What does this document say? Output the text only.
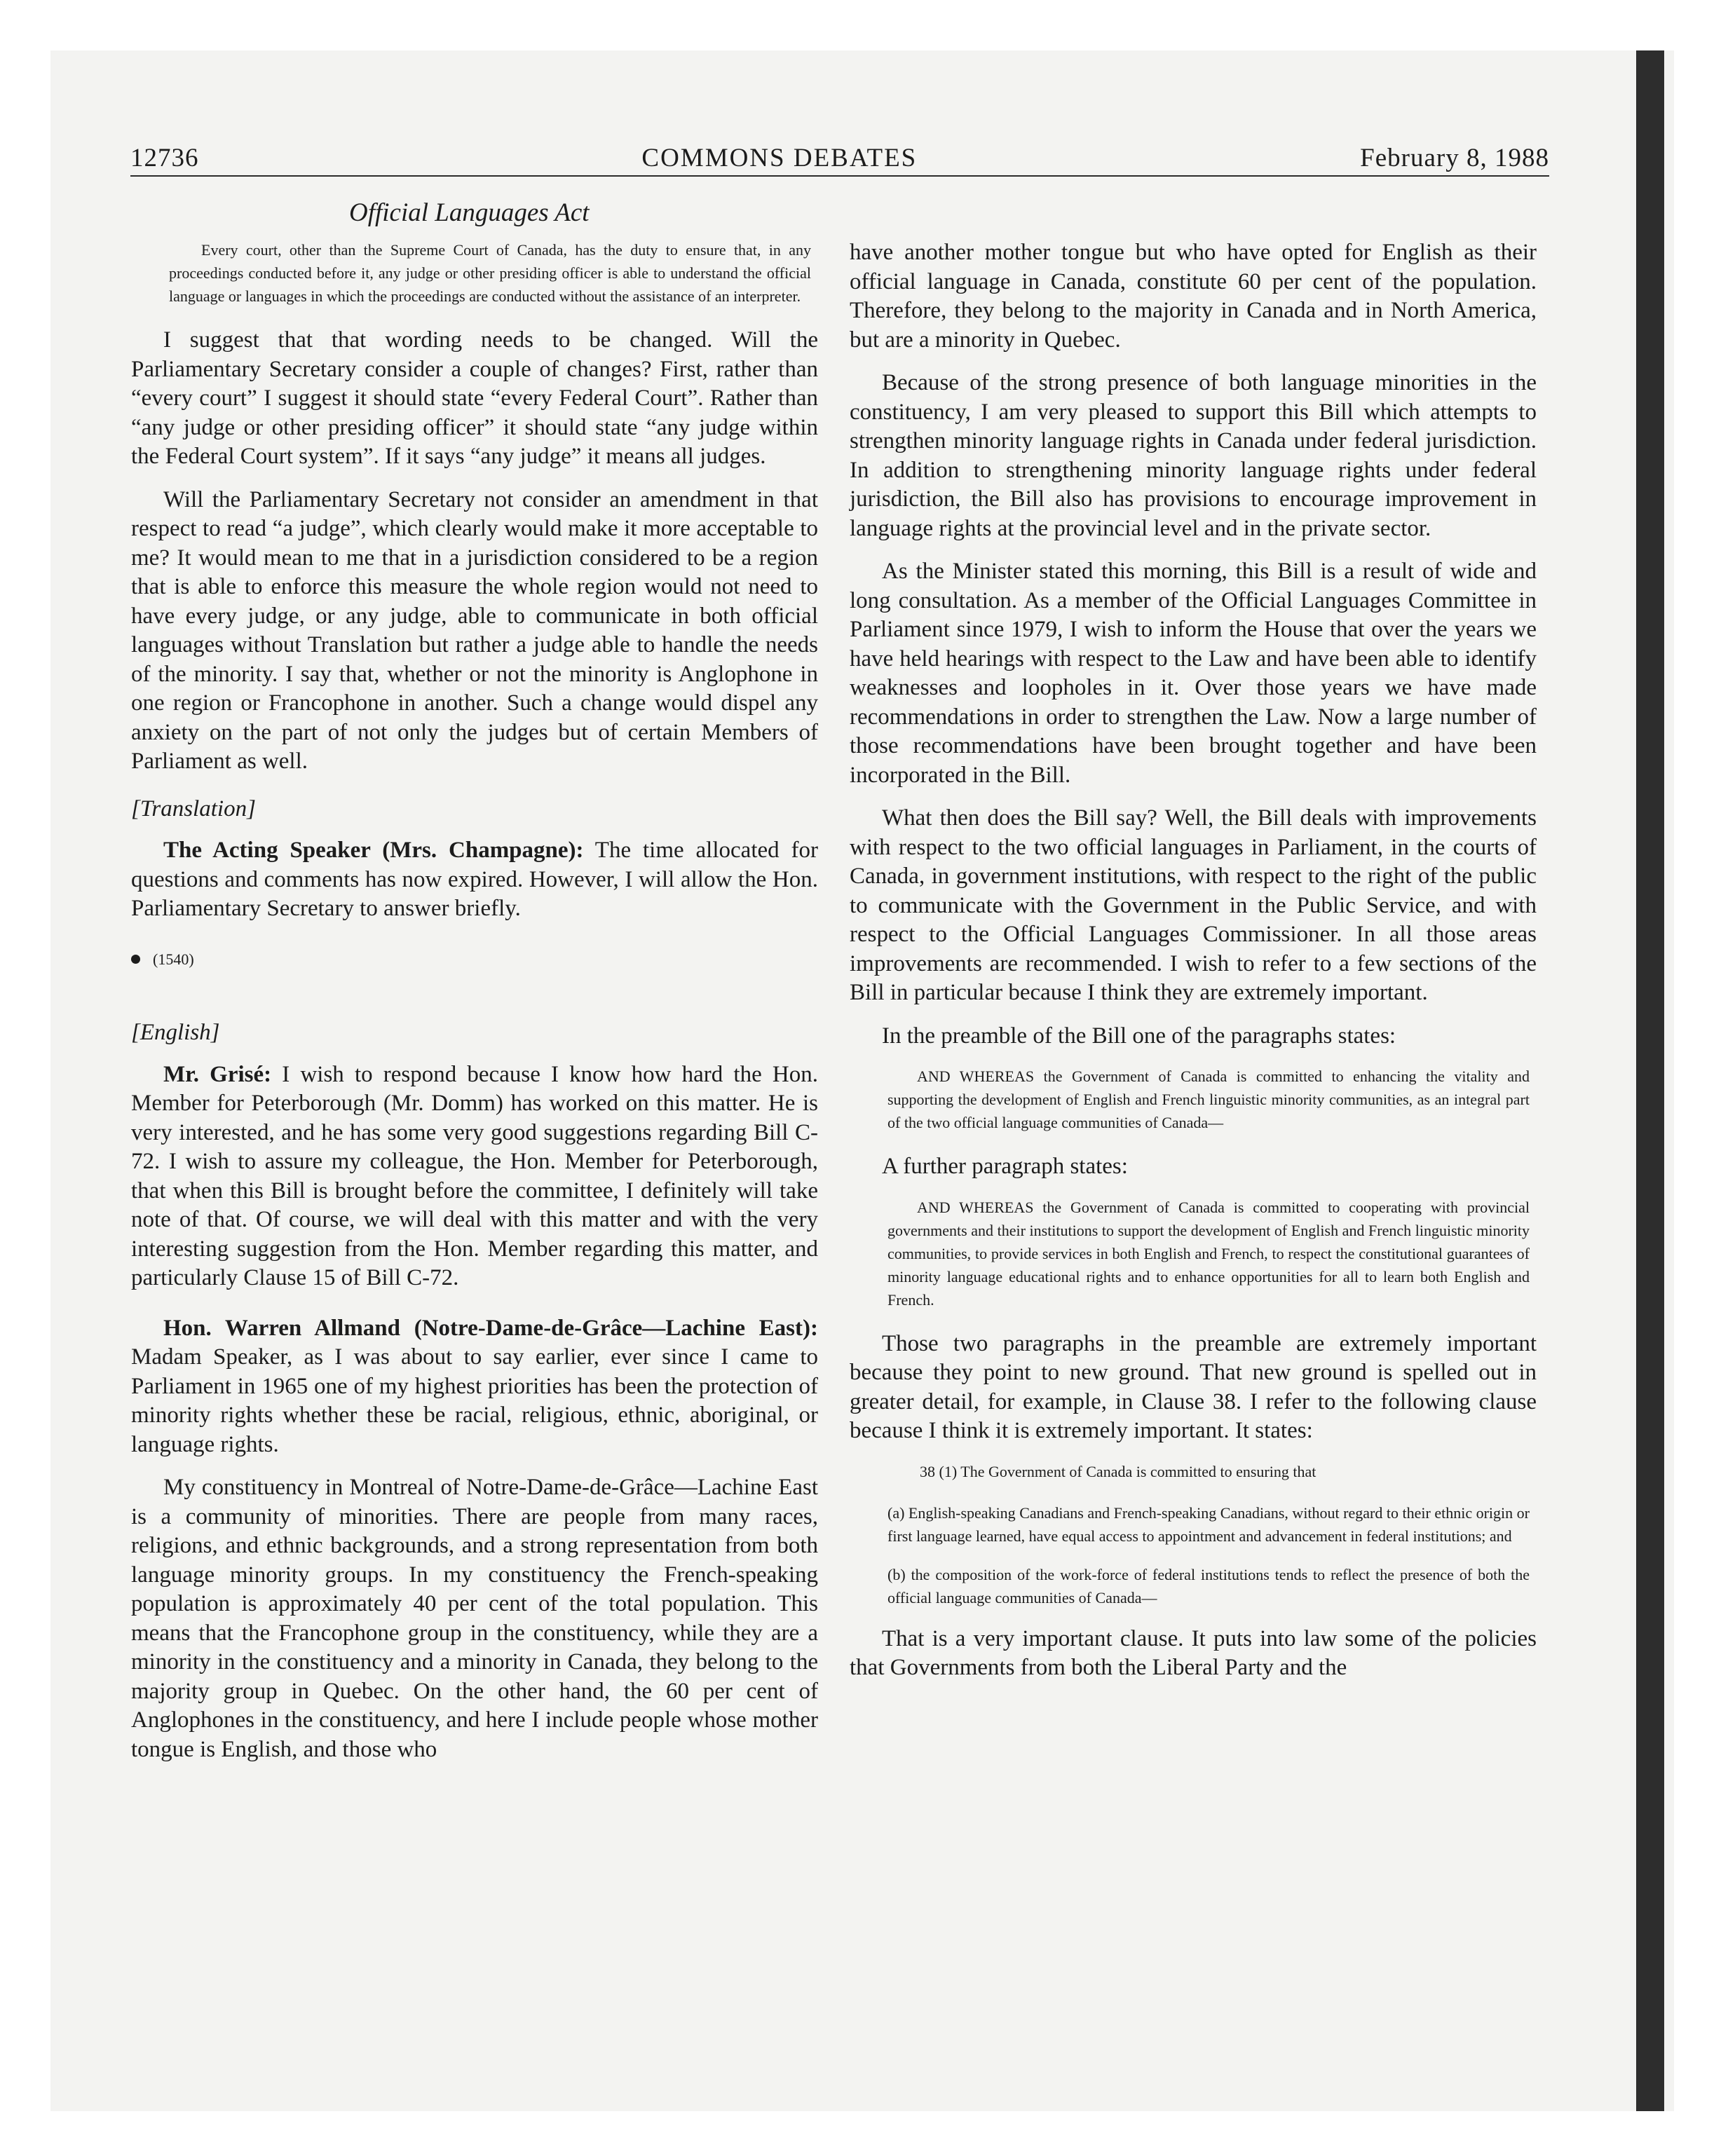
12736	COMMONS DEBATES	February 8, 1988
Official Languages Act
Every court, other than the Supreme Court of Canada, has the duty to ensure that, in any proceedings conducted before it, any judge or other presiding officer is able to understand the official language or languages in which the proceedings are conducted without the assistance of an interpreter.

I suggest that that wording needs to be changed. Will the Parliamentary Secretary consider a couple of changes? First, rather than “every court” I suggest it should state “every Federal Court”. Rather than “any judge or other presiding officer” it should state “any judge within the Federal Court system”. If it says “any judge” it means all judges.

Will the Parliamentary Secretary not consider an amendment in that respect to read “a judge”, which clearly would make it more acceptable to me? It would mean to me that in a jurisdiction considered to be a region that is able to enforce this measure the whole region would not need to have every judge, or any judge, able to communicate in both official languages without Translation but rather a judge able to handle the needs of the minority. I say that, whether or not the minority is Anglophone in one region or Francophone in another. Such a change would dispel any anxiety on the part of not only the judges but of certain Members of Parliament as well.

[Translation]

The Acting Speaker (Mrs. Champagne): The time allocated for questions and comments has now expired. However, I will allow the Hon. Parliamentary Secretary to answer briefly.

(1540)

[English]

Mr. Grisé: I wish to respond because I know how hard the Hon. Member for Peterborough (Mr. Domm) has worked on this matter. He is very interested, and he has some very good suggestions regarding Bill C-72. I wish to assure my colleague, the Hon. Member for Peterborough, that when this Bill is brought before the committee, I definitely will take note of that. Of course, we will deal with this matter and with the very interesting suggestion from the Hon. Member regarding this matter, and particularly Clause 15 of Bill C-72.

Hon. Warren Allmand (Notre-Dame-de-Grâce—Lachine East): Madam Speaker, as I was about to say earlier, ever since I came to Parliament in 1965 one of my highest priorities has been the protection of minority rights whether these be racial, religious, ethnic, aboriginal, or language rights.

My constituency in Montreal of Notre-Dame-de-Grâce—Lachine East is a community of minorities. There are people from many races, religions, and ethnic backgrounds, and a strong representation from both language minority groups. In my constituency the French-speaking population is approximately 40 per cent of the total population. This means that the Francophone group in the constituency, while they are a minority in the constituency and a minority in Canada, they belong to the majority group in Quebec. On the other hand, the 60 per cent of Anglophones in the constituency, and here I include people whose mother tongue is English, and those who

have another mother tongue but who have opted for English as their official language in Canada, constitute 60 per cent of the population. Therefore, they belong to the majority in Canada and in North America, but are a minority in Quebec.

Because of the strong presence of both language minorities in the constituency, I am very pleased to support this Bill which attempts to strengthen minority language rights in Canada under federal jurisdiction. In addition to strengthening minority language rights under federal jurisdiction, the Bill also has provisions to encourage improvement in language rights at the provincial level and in the private sector.

As the Minister stated this morning, this Bill is a result of wide and long consultation. As a member of the Official Languages Committee in Parliament since 1979, I wish to inform the House that over the years we have held hearings with respect to the Law and have been able to identify weaknesses and loopholes in it. Over those years we have made recommendations in order to strengthen the Law. Now a large number of those recommendations have been brought together and have been incorporated in the Bill.

What then does the Bill say? Well, the Bill deals with improvements with respect to the two official languages in Parliament, in the courts of Canada, in government institutions, with respect to the right of the public to communicate with the Government in the Public Service, and with respect to the Official Languages Commissioner. In all those areas improvements are recommended. I wish to refer to a few sections of the Bill in particular because I think they are extremely important.

In the preamble of the Bill one of the paragraphs states:

AND WHEREAS the Government of Canada is committed to enhancing the vitality and supporting the development of English and French linguistic minority communities, as an integral part of the two official language communities of Canada—

A further paragraph states:

AND WHEREAS the Government of Canada is committed to cooperating with provincial governments and their institutions to support the development of English and French linguistic minority communities, to provide services in both English and French, to respect the constitutional guarantees of minority language educational rights and to enhance opportunities for all to learn both English and French.

Those two paragraphs in the preamble are extremely important because they point to new ground. That new ground is spelled out in greater detail, for example, in Clause 38. I refer to the following clause because I think it is extremely important. It states:

38 (1) The Government of Canada is committed to ensuring that
(a) English-speaking Canadians and French-speaking Canadians, without regard to their ethnic origin or first language learned, have equal access to appointment and advancement in federal institutions; and
(b) the composition of the work-force of federal institutions tends to reflect the presence of both the official language communities of Canada—

That is a very important clause. It puts into law some of the policies that Governments from both the Liberal Party and the
